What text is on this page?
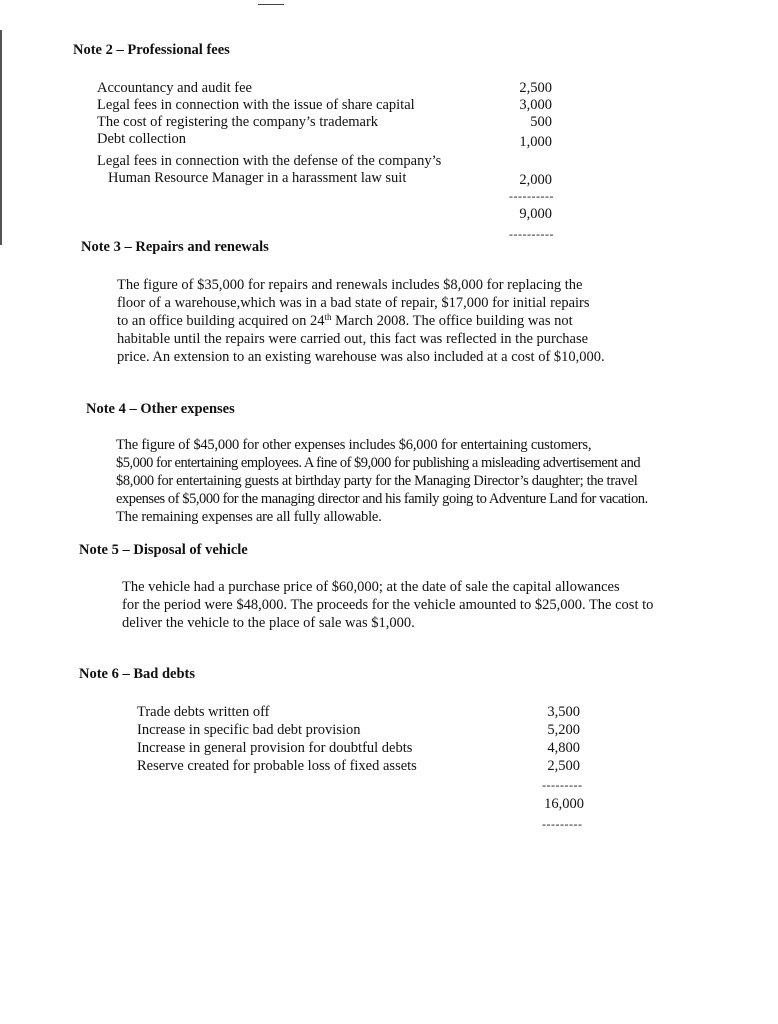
Note 2 – Professional fees
Accountancy and audit fee	2,500
Legal fees in connection with the issue of share capital	3,000
The cost of registering the company’s trademark	500
Debt collection	1,000
Legal fees in connection with the defense of the company’s
Human Resource Manager in a harassment law suit	2,000
----------
9,000
----------
Note 3 – Repairs and renewals

The figure of $35,000 for repairs and renewals includes $8,000 for replacing the

floor of a warehouse,which was in a bad state of repair, $17,000 for initial repairs

to an office building acquired on 24th March 2008. The office building was not

habitable until the repairs were carried out, this fact was reflected in the purchase

price. An extension to an existing warehouse was also included at a cost of $10,000.

Note 4 – Other expenses

The figure of $45,000 for other expenses includes $6,000 for entertaining customers,

$5,000 for entertaining employees. A fine of $9,000 for publishing a misleading advertisement and

$8,000 for entertaining guests at birthday party for the Managing Director’s daughter; the travel

expenses of $5,000 for the managing director and his family going to Adventure Land for vacation.

The remaining expenses are all fully allowable.

Note 5 – Disposal of vehicle

The vehicle had a purchase price of $60,000; at the date of sale the capital allowances

for the period were $48,000. The proceeds for the vehicle amounted to $25,000. The cost to

deliver the vehicle to the place of sale was $1,000.

Note 6 – Bad debts
Trade debts written off	3,500
Increase in specific bad debt provision	5,200
Increase in general provision for doubtful debts	4,800
Reserve created for probable loss of fixed assets	2,500
---------
16,000
---------
